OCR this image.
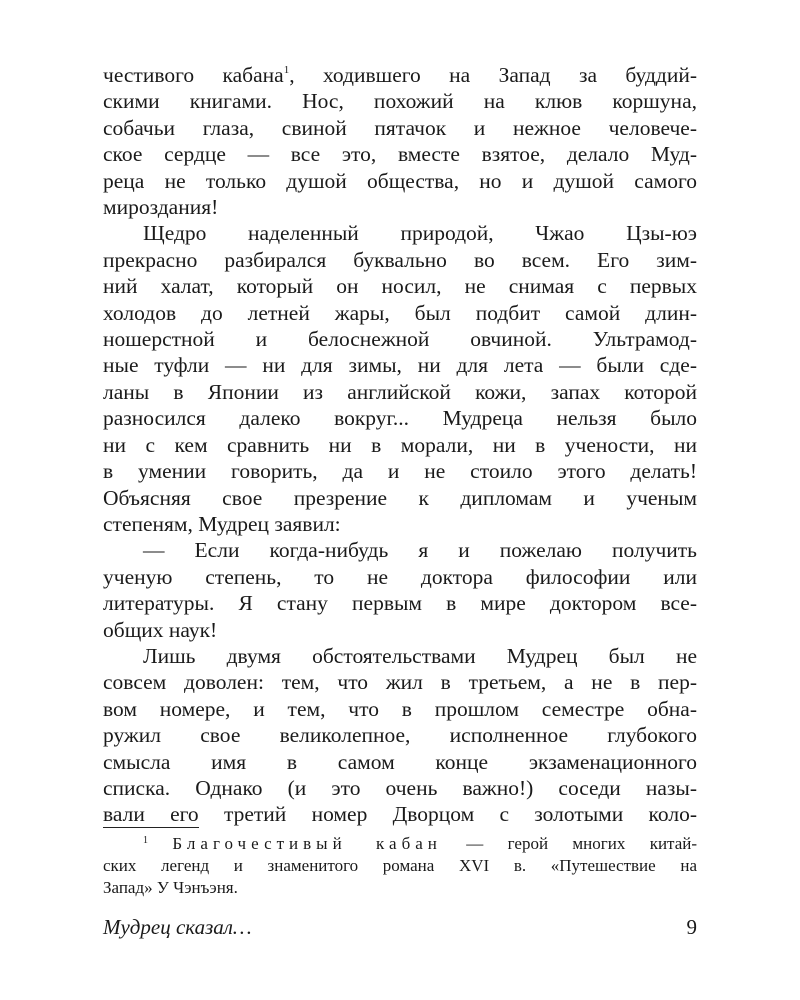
честивого кабана$^1$, ходившего на Запад за буддий-
скими книгами. Нос, похожий на клюв коршуна,
собачьи глаза, свиной пятачок и нежное человече-
ское сердце — все это, вместе взятое, делало Муд-
реца не только душой общества, но и душой самого
мироздания!
Щедро наделенный природой, Чжао Цзы-юэ
прекрасно разбирался буквально во всем. Его зим-
ний халат, который он носил, не снимая с первых
холодов до летней жары, был подбит самой длин-
ношерстной и белоснежной овчиной. Ультрамод-
ные туфли — ни для зимы, ни для лета — были сде-
ланы в Японии из английской кожи, запах которой
разносился далеко вокруг... Мудреца нельзя было
ни с кем сравнить ни в морали, ни в учености, ни
в умении говорить, да и не стоило этого делать!
Объясняя свое презрение к дипломам и ученым
степеням, Мудрец заявил:
— Если когда-нибудь я и пожелаю получить
ученую степень, то не доктора философии или
литературы. Я стану первым в мире доктором все-
общих наук!
Лишь двумя обстоятельствами Мудрец был не
совсем доволен: тем, что жил в третьем, а не в пер-
вом номере, и тем, что в прошлом семестре обна-
ружил свое великолепное, исполненное глубокого
смысла имя в самом конце экзаменационного
списка. Однако (и это очень важно!) соседи назы-
вали его третий номер Дворцом с золотыми коло-
$^1$ Благочестивый кабан — герой многих китай-
ских легенд и знаменитого романа XVI в. «Путешествие на
Запад» У Чэнъэня.
Мудрец сказал…	9
